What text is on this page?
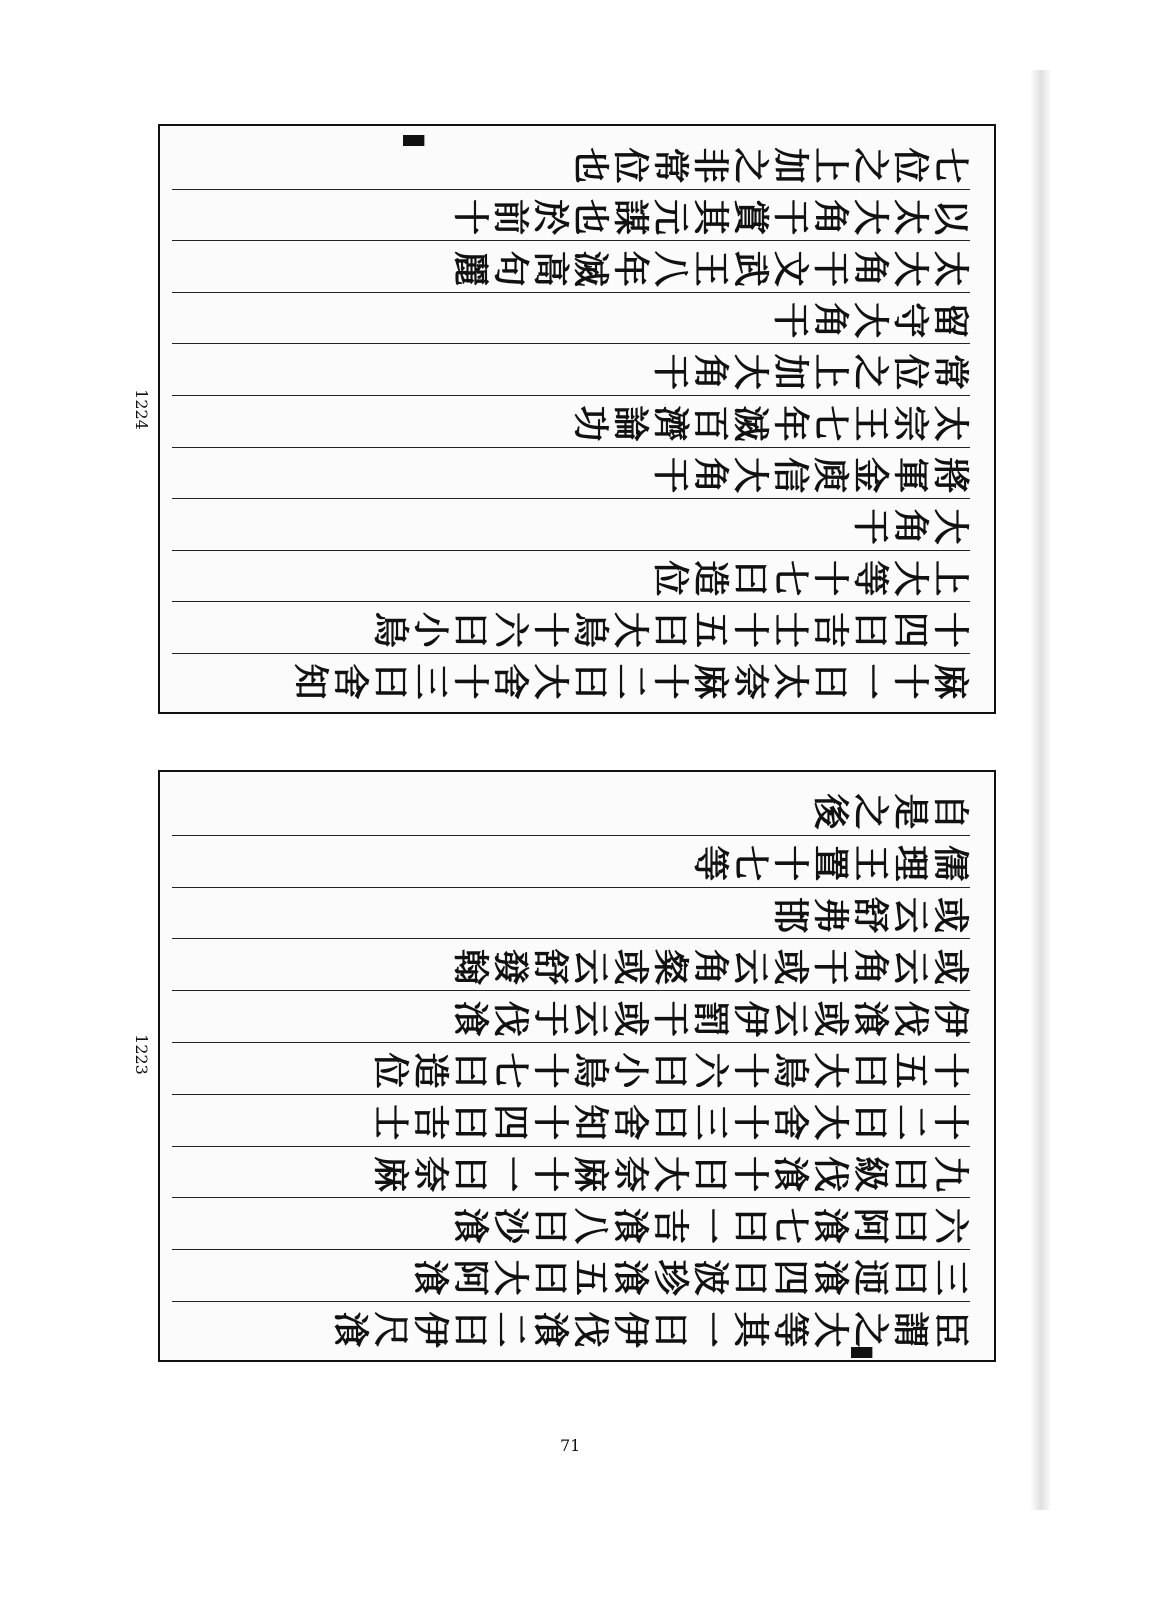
1224
麻十一曰太奈麻十二曰大舍十三曰舍知
十四曰吉士十五曰大烏十六曰小烏
上大等十七曰造位
大角干
將軍金庾信大角干
太宗王七年滅百濟論功
常位之上加大角干
留守大角干
太大角干文武王八年滅高句麗
以太大角干賞其元謀也於前十
七位之上加之非常位也
▐▌
1223
臣謂之大等其一曰伊伐湌二曰伊尺湌
三曰迊湌四曰波珍湌五曰大阿湌
六曰阿湌七曰一吉湌八曰沙湌
九曰級伐湌十曰大奈麻十一曰奈麻
十二曰大舍十三曰舍知十四曰吉士
十五曰大烏十六曰小烏十七曰造位
伊伐湌或云伊罰干或云于伐湌
或云角干或云角粲或云舒發翰
或云舒弗邯
儒理王置十七等
自是之後
▐▌
71
